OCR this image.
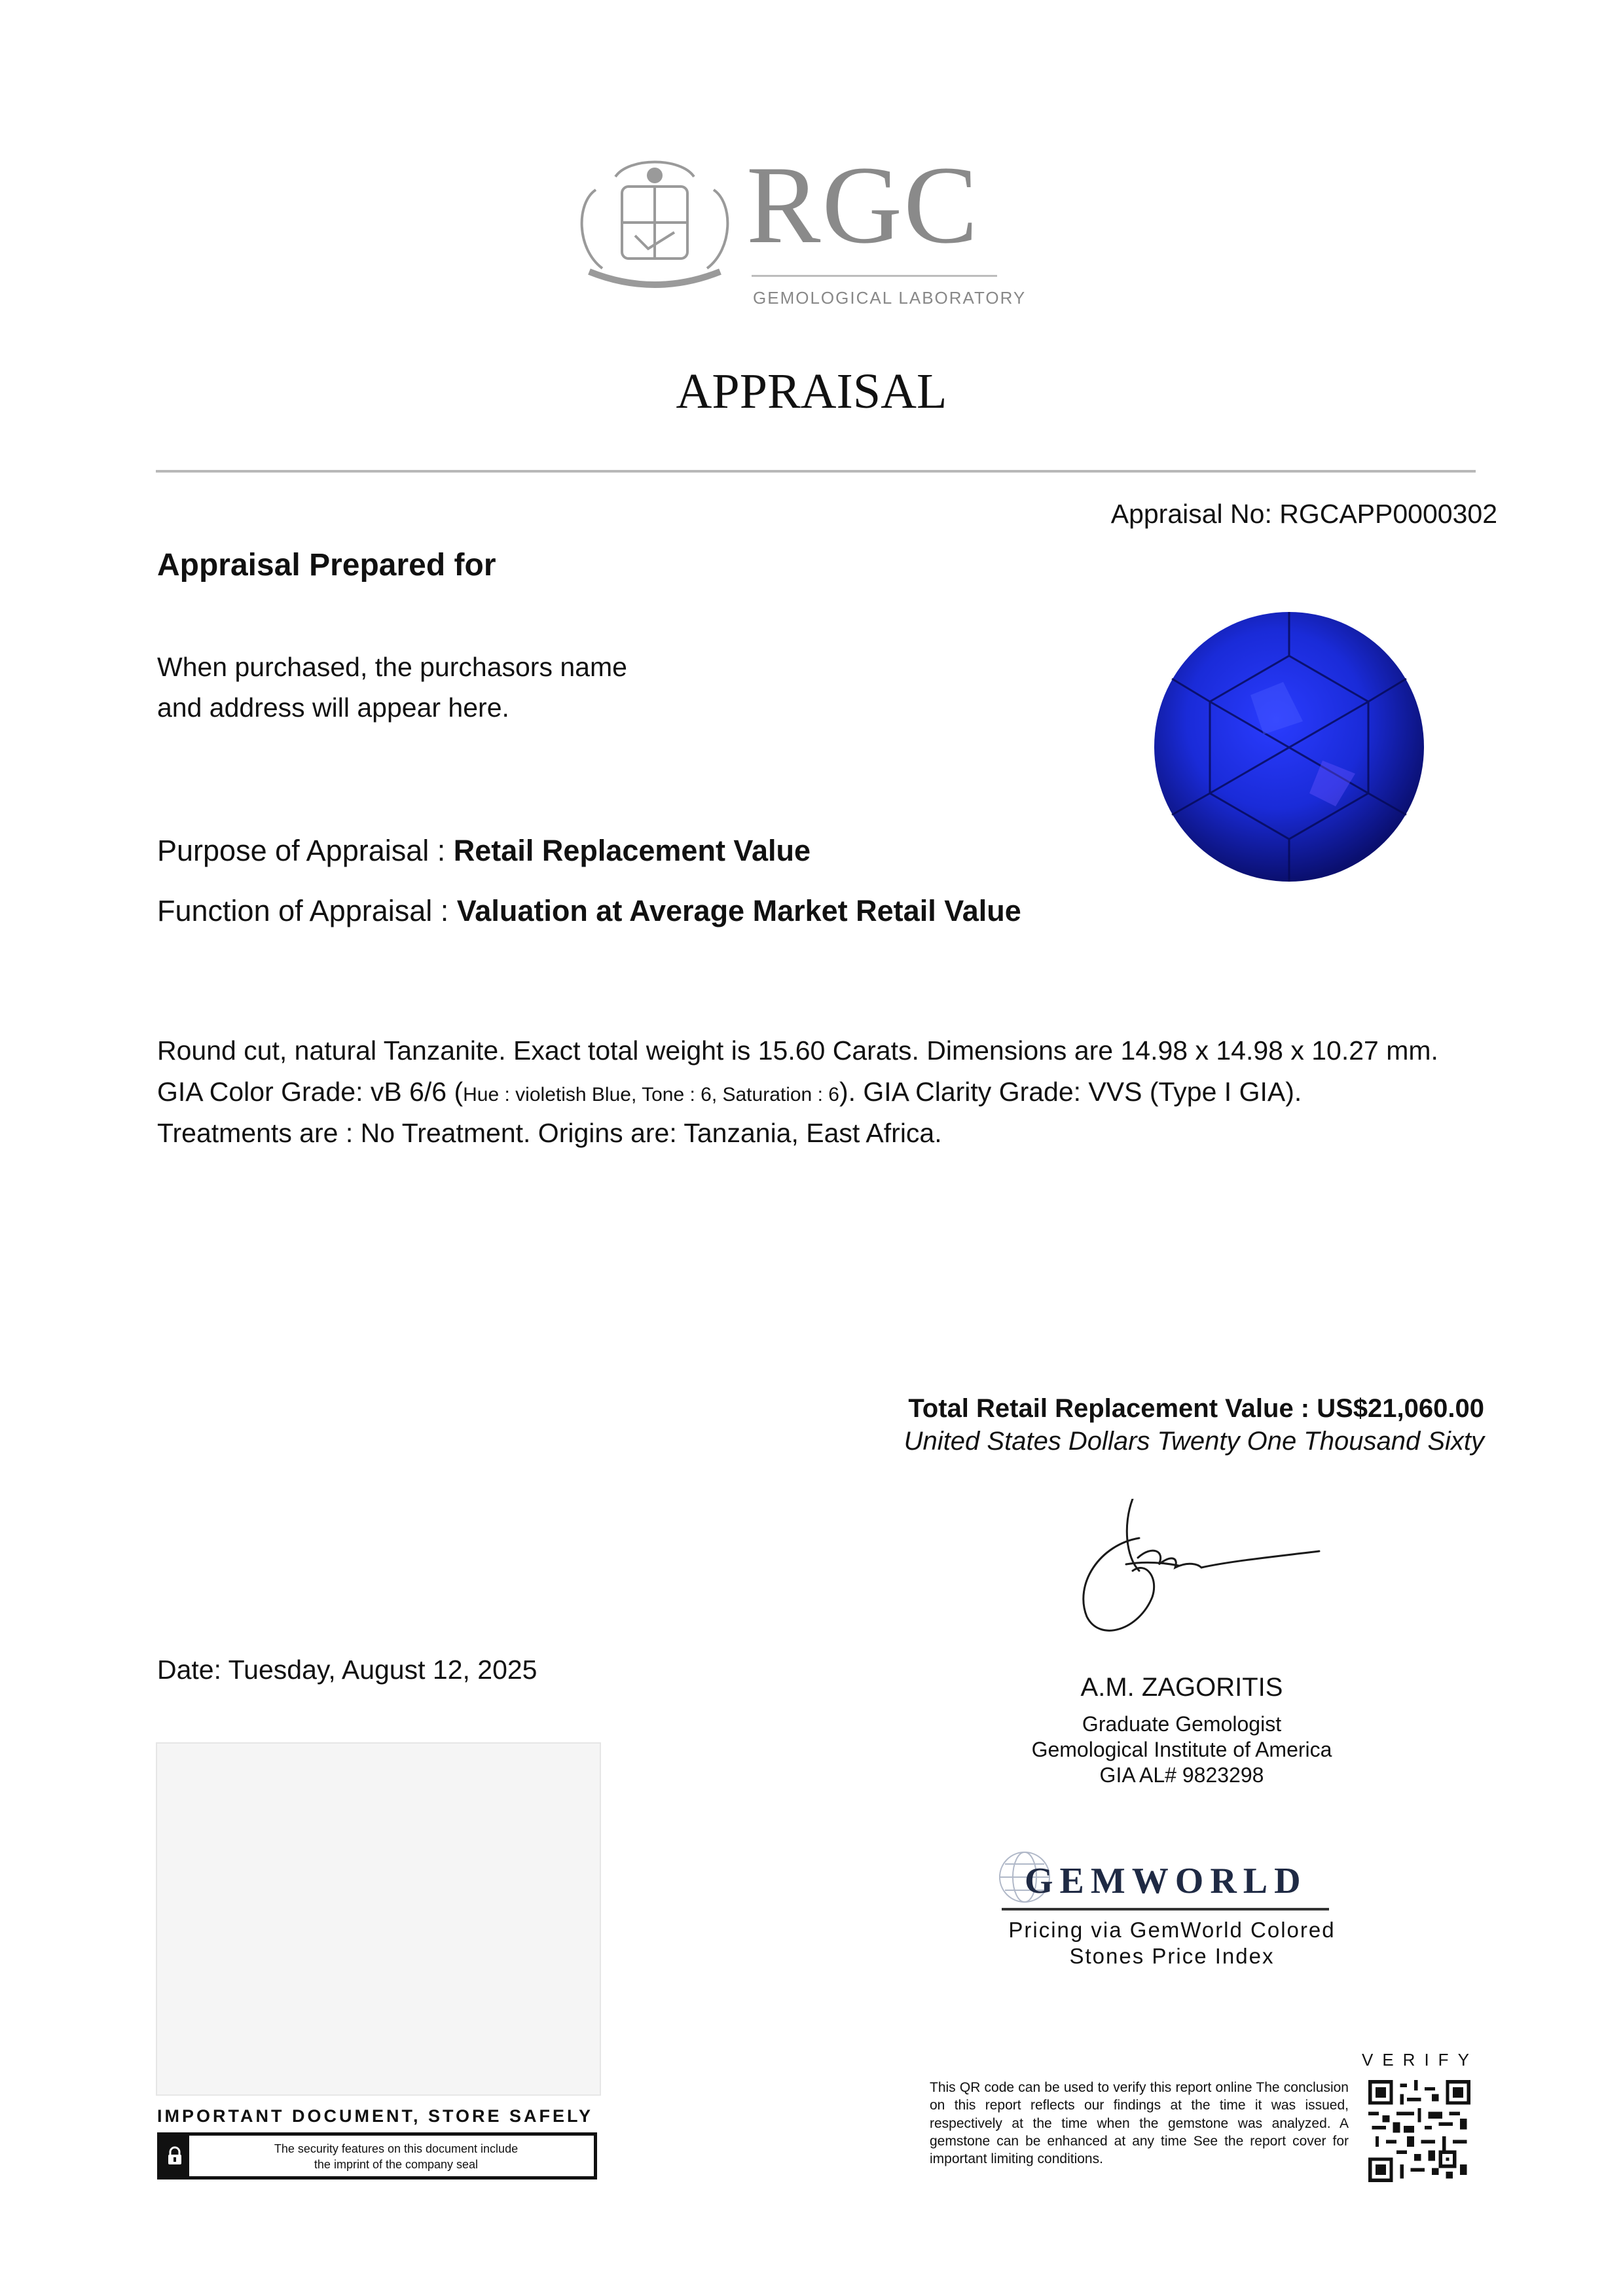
RGC
GEMOLOGICAL LABORATORY
APPRAISAL
Appraisal No: RGCAPP0000302
Appraisal Prepared for
When purchased, the purchasors name
and address will appear here.
Purpose of Appraisal : Retail Replacement Value
Function of Appraisal : Valuation at Average Market Retail Value
Round cut, natural Tanzanite. Exact total weight is 15.60 Carats. Dimensions are 14.98 x 14.98 x 10.27 mm.
GIA Color Grade: vB 6/6 (Hue : violetish Blue, Tone : 6, Saturation : 6). GIA Clarity Grade: VVS (Type I GIA).
Treatments are : No Treatment. Origins are: Tanzania, East Africa.
Total Retail Replacement Value : US$21,060.00
United States Dollars Twenty One Thousand Sixty
Date: Tuesday, August 12, 2025
A.M. ZAGORITIS
Graduate Gemologist
Gemological Institute of America
GIA AL# 9823298
GEMWORLD
Pricing via GemWorld Colored
Stones Price Index
VERIFY
This QR code can be used to verify this report online The conclusion on this report reflects our findings at the time it was issued, respectively at the time when the gemstone was analyzed. A gemstone can be enhanced at any time See the report cover for important limiting conditions.
IMPORTANT DOCUMENT, STORE SAFELY
The security features on this document include
the imprint of the company seal
